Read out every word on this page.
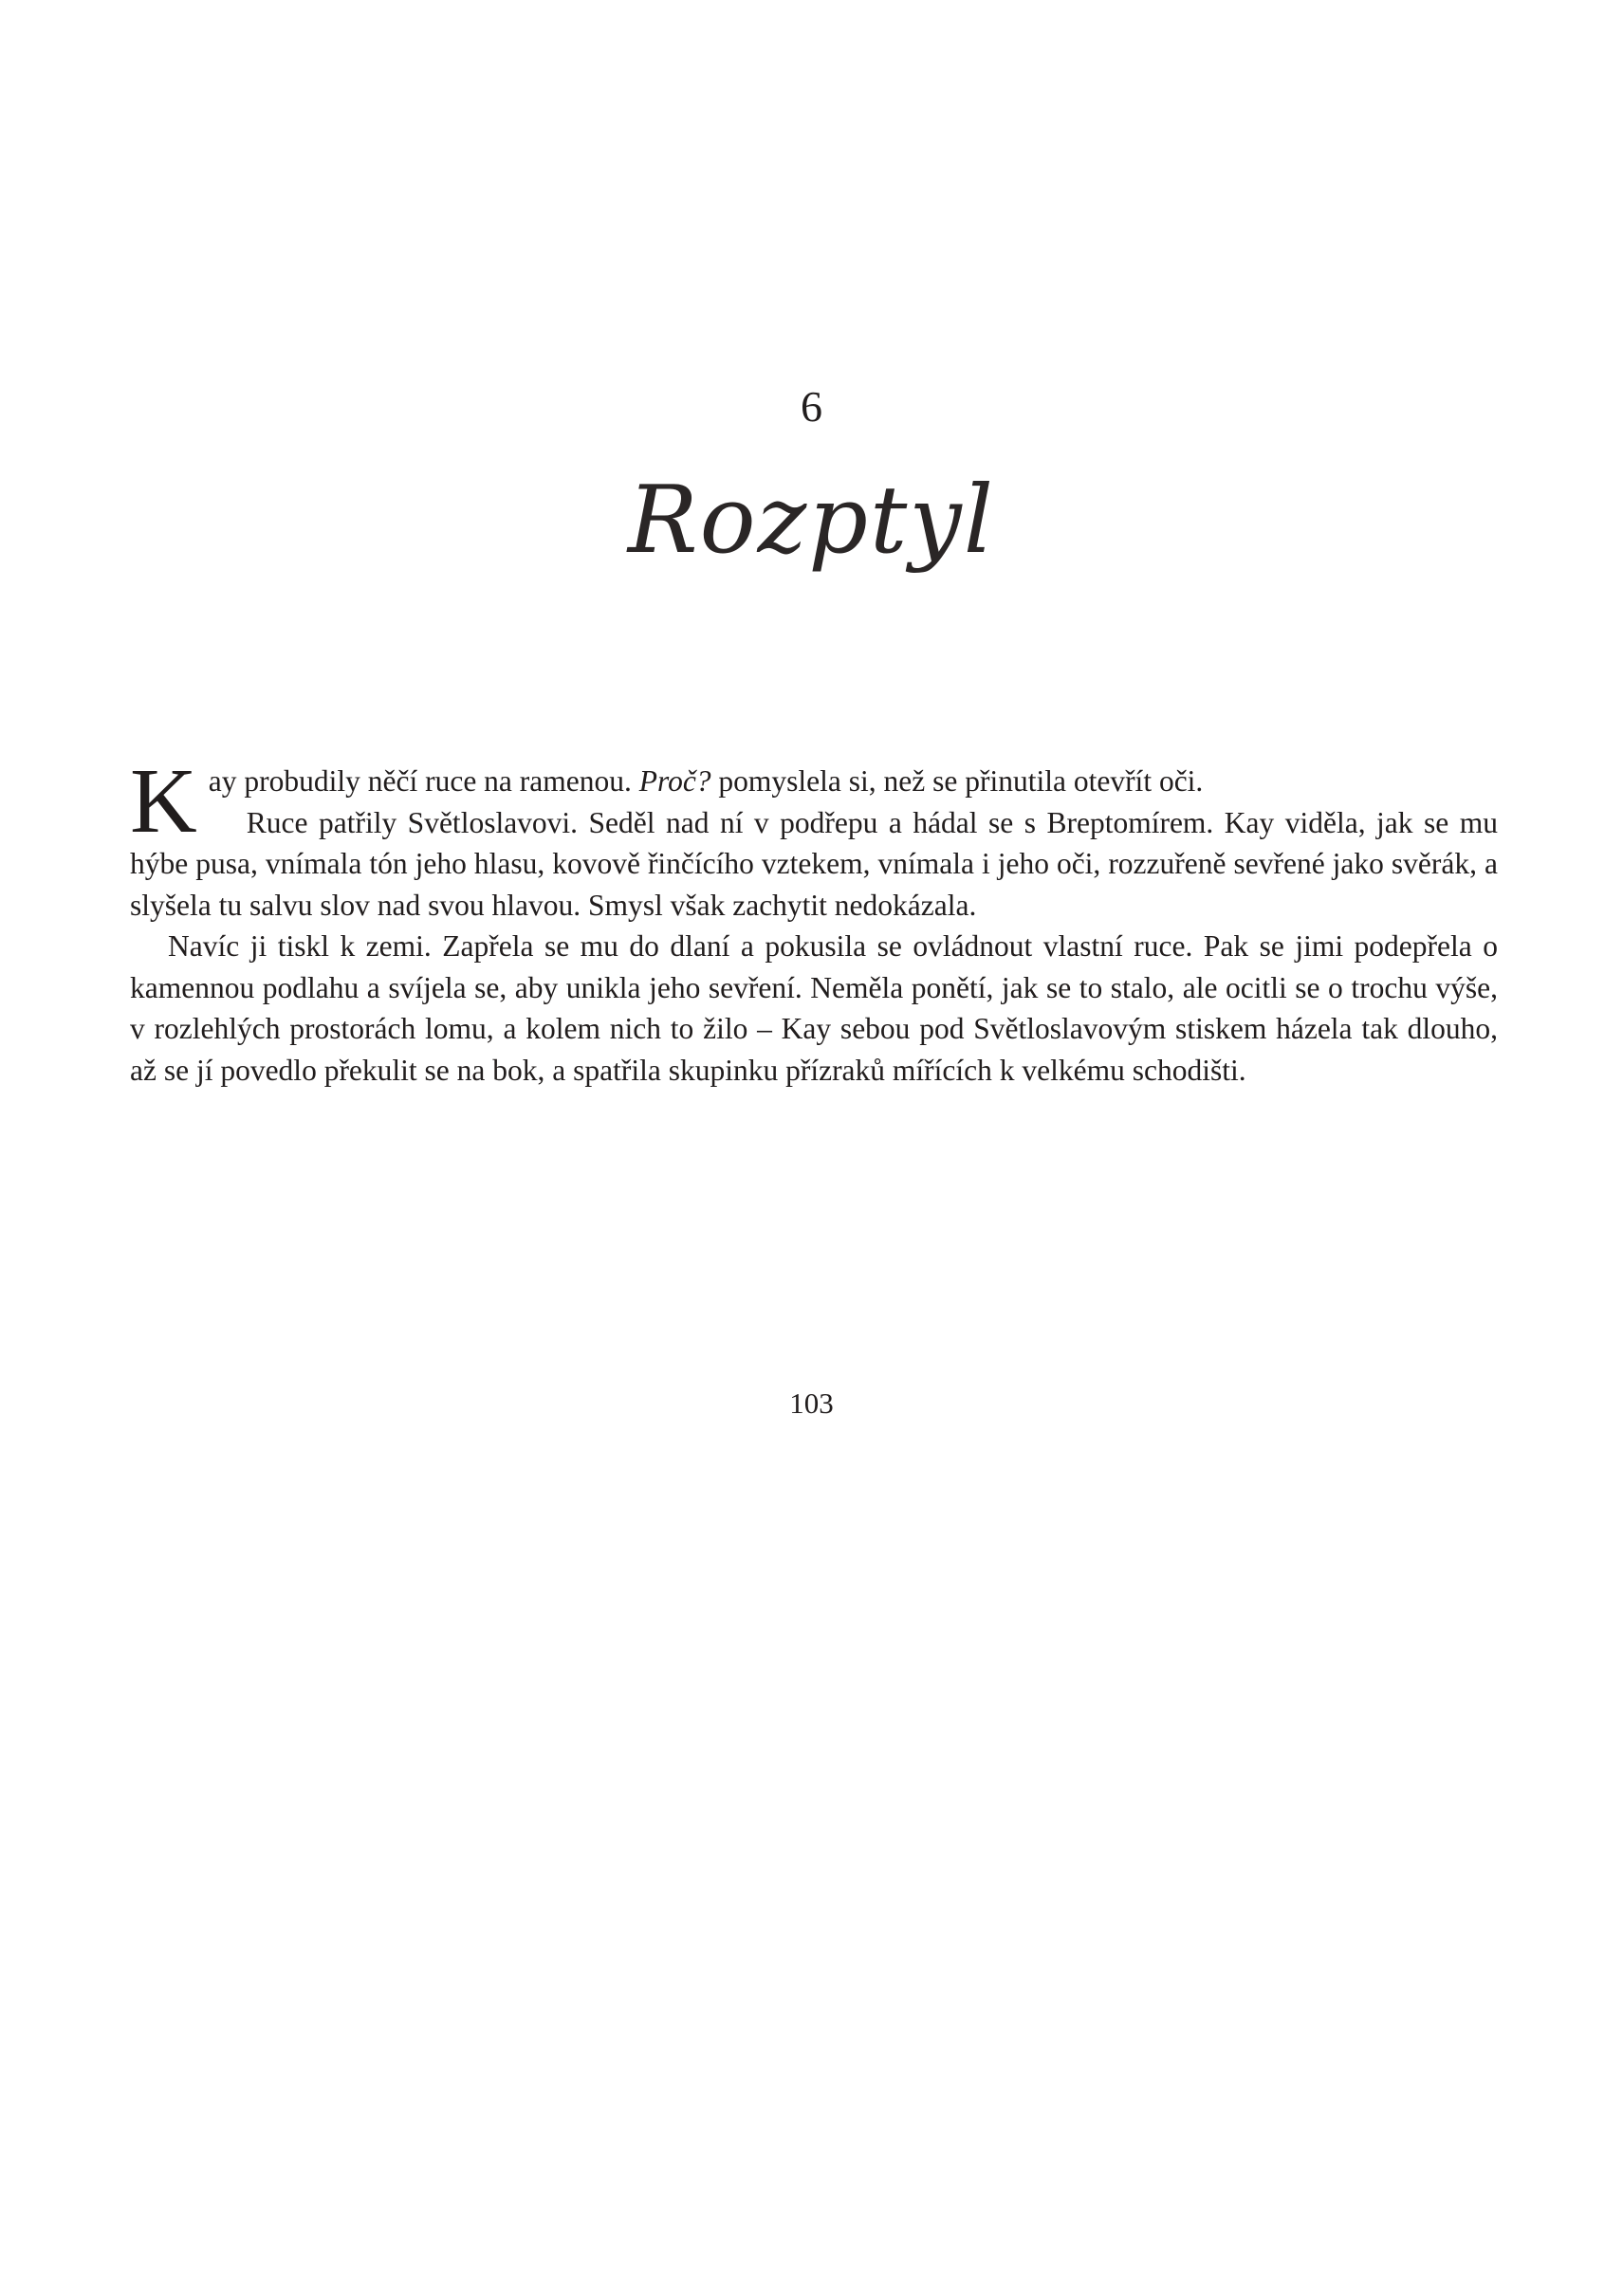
6
Rozptyl

Kay probudily něčí ruce na ramenou. Proč? pomyslela si, než se přinutila otevřít oči.

Ruce patřily Světloslavovi. Seděl nad ní v podřepu a hádal se s Breptomírem. Kay viděla, jak se mu hýbe pusa, vnímala tón jeho hlasu, kovově řinčícího vztekem, vnímala i jeho oči, rozzuřeně sevřené jako svěrák, a slyšela tu salvu slov nad svou hlavou. Smysl však zachytit nedokázala.

Navíc ji tiskl k zemi. Zapřela se mu do dlaní a pokusila se ovládnout vlastní ruce. Pak se jimi podepřela o kamennou podlahu a svíjela se, aby unikla jeho sevření. Neměla ponětí, jak se to stalo, ale ocitli se o trochu výše, v rozlehlých prostorách lomu, a kolem nich to žilo – Kay sebou pod Světloslavovým stiskem házela tak dlouho, až se jí povedlo překulit se na bok, a spatřila skupinku přízraků mířících k velkému schodišti.

103
